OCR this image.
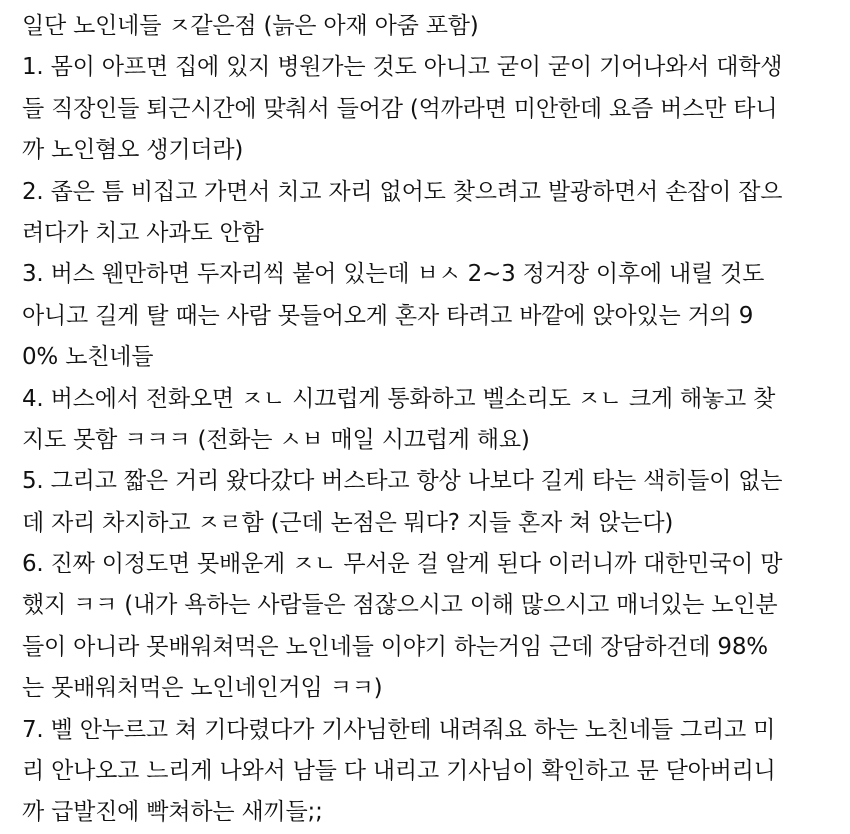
일단 노인네들 ㅈ같은점 (늙은 아재 아줌 포함)
1. 몸이 아프면 집에 있지 병원가는 것도 아니고 굳이 굳이 기어나와서 대학생
들 직장인들 퇴근시간에 맞춰서 들어감 (억까라면 미안한데 요즘 버스만 타니
까 노인혐오 생기더라)
2. 좁은 틈 비집고 가면서 치고 자리 없어도 찾으려고 발광하면서 손잡이 잡으
려다가 치고 사과도 안함
3. 버스 웬만하면 두자리씩 붙어 있는데 ㅂㅅ 2~3 정거장 이후에 내릴 것도
아니고 길게 탈 때는 사람 못들어오게 혼자 타려고 바깥에 앉아있는 거의 9
0% 노친네들
4. 버스에서 전화오면 ㅈㄴ 시끄럽게 통화하고 벨소리도 ㅈㄴ 크게 해놓고 찾
지도 못함 ㅋㅋㅋ (전화는 ㅅㅂ 매일 시끄럽게 해요)
5. 그리고 짧은 거리 왔다갔다 버스타고 항상 나보다 길게 타는 색히들이 없는
데 자리 차지하고 ㅈㄹ함 (근데 논점은 뭐다? 지들 혼자 쳐 앉는다)
6. 진짜 이정도면 못배운게 ㅈㄴ 무서운 걸 알게 된다 이러니까 대한민국이 망
했지 ㅋㅋ (내가 욕하는 사람들은 점잖으시고 이해 많으시고 매너있는 노인분
들이 아니라 못배워쳐먹은 노인네들 이야기 하는거임 근데 장담하건데 98%
는 못배워처먹은 노인네인거임 ㅋㅋ)
7. 벨 안누르고 쳐 기다렸다가 기사님한테 내려줘요 하는 노친네들 그리고 미
리 안나오고 느리게 나와서 남들 다 내리고 기사님이 확인하고 문 닫아버리니
까 급발진에 빡쳐하는 새끼들;;
